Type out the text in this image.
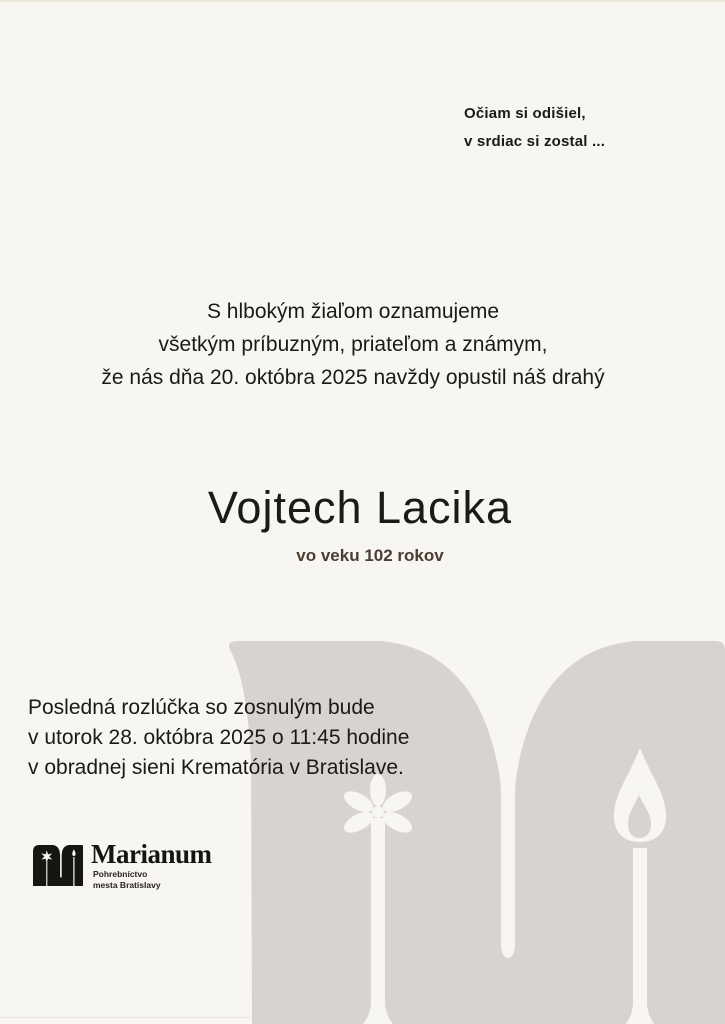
Očiam si odišiel,
v srdiac si zostal ...
S hlbokým žiaľom oznamujeme
všetkým príbuzným, priateľom a známym,
že nás dňa 20. októbra 2025 navždy opustil náš drahý
Vojtech Lacika
vo veku 102 rokov
Posledná rozlúčka so zosnulým bude
v utorok 28. októbra 2025 o 11:45 hodine
v obradnej sieni Krematória v Bratislave.
Marianum
Pohrebníctvo
mesta Bratislavy
